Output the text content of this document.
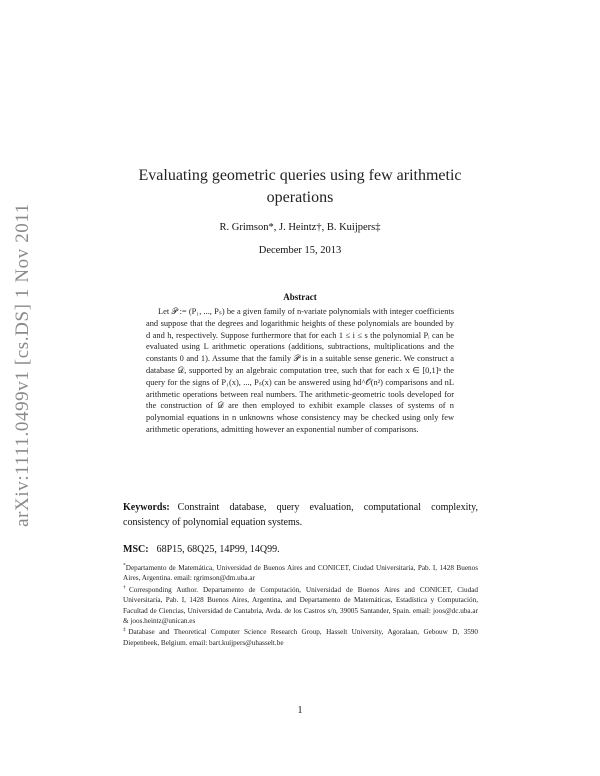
arXiv:1111.0499v1 [cs.DS] 1 Nov 2011
Evaluating geometric queries using few arithmetic operations
R. Grimson*, J. Heintz†, B. Kuijpers‡
December 15, 2013
Abstract

Let 𝒫 := (P₁, ..., Pₛ) be a given family of n-variate polynomials with integer coefficients and suppose that the degrees and logarithmic heights of these polynomials are bounded by d and h, respectively. Suppose furthermore that for each 1 ≤ i ≤ s the polynomial Pᵢ can be evaluated using L arithmetic operations (additions, subtractions, multiplications and the constants 0 and 1). Assume that the family 𝒫 is in a suitable sense generic. We construct a database 𝒟, supported by an algebraic computation tree, such that for each x ∈ [0,1]ⁿ the query for the signs of P₁(x), ..., Pₛ(x) can be answered using hd^𝒪(n²) comparisons and nL arithmetic operations between real numbers. The arithmetic-geometric tools developed for the construction of 𝒟 are then employed to exhibit example classes of systems of n polynomial equations in n unknowns whose consistency may be checked using only few arithmetic operations, admitting however an exponential number of comparisons.

Keywords: Constraint database, query evaluation, computational complexity, consistency of polynomial equation systems.
MSC: 68P15, 68Q25, 14P99, 14Q99.

*Departamento de Matemática, Universidad de Buenos Aires and CONICET, Ciudad Universitaria, Pab. I, 1428 Buenos Aires, Argentina. email: rgrimson@dm.uba.ar

†Corresponding Author. Departamento de Computación, Universidad de Buenos Aires and CONICET, Ciudad Universitaria, Pab. I, 1428 Buenos Aires, Argentina, and Departamento de Matemáticas, Estadística y Computación, Facultad de Ciencias, Universidad de Cantabria, Avda. de los Castros s/n, 39005 Santander, Spain. email: joos@dc.uba.ar & joos.heintz@unican.es

‡Database and Theoretical Computer Science Research Group, Hasselt University, Agoralaan, Gebouw D, 3590 Diepenbeek, Belgium. email: bart.kuijpers@uhasselt.be

1
